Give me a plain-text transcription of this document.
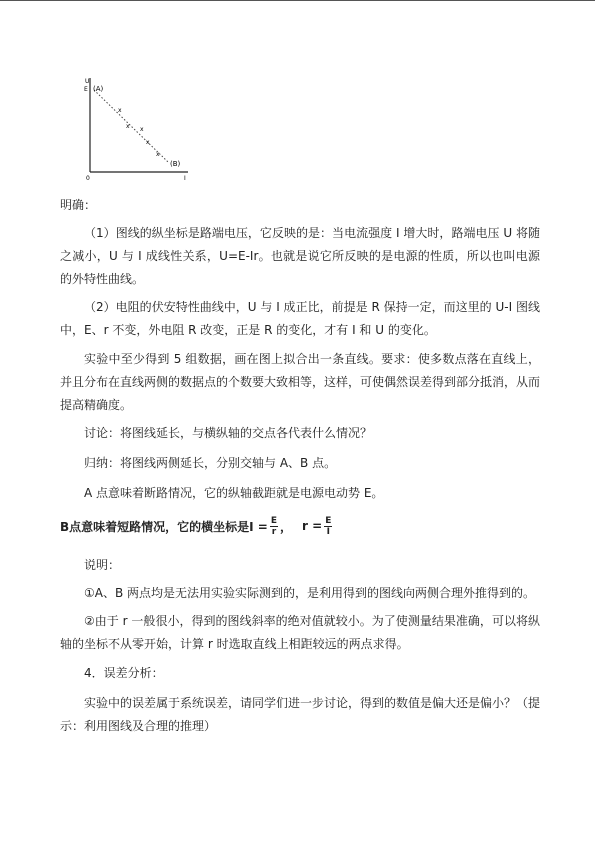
U
E (A)
(B)
0	I
x
x x
x
x

明确：

（1）图线的纵坐标是路端电压，它反映的是：当电流强度 I 增大时，路端电压 U 将随之减小，U 与 I 成线性关系，U=E-Ir。也就是说它所反映的是电源的性质，所以也叫电源的外特性曲线。

（2）电阻的伏安特性曲线中，U 与 I 成正比，前提是 R 保持一定，而这里的 U-I 图线中，E、r 不变，外电阻 R 改变，正是 R 的变化，才有 I 和 U 的变化。

实验中至少得到 5 组数据，画在图上拟合出一条直线。要求：使多数点落在直线上，并且分布在直线两侧的数据点的个数要大致相等，这样，可使偶然误差得到部分抵消，从而提高精确度。

讨论：将图线延长，与横纵轴的交点各代表什么情况？

归纳：将图线两侧延长，分别交轴与 A、B 点。

A 点意味着断路情况，它的纵轴截距就是电源电动势 E。

B点意味着短路情况，它的横坐标是$I = \frac{E}{r}$ ， $r = \frac{E}{I}$

说明：

①A、B 两点均是无法用实验实际测到的，是利用得到的图线向两侧合理外推得到的。

②由于 r 一般很小，得到的图线斜率的绝对值就较小。为了使测量结果准确，可以将纵轴的坐标不从零开始，计算 r 时选取直线上相距较远的两点求得。

4．误差分析：

实验中的误差属于系统误差，请同学们进一步讨论，得到的数值是偏大还是偏小？（提示：利用图线及合理的推理）
